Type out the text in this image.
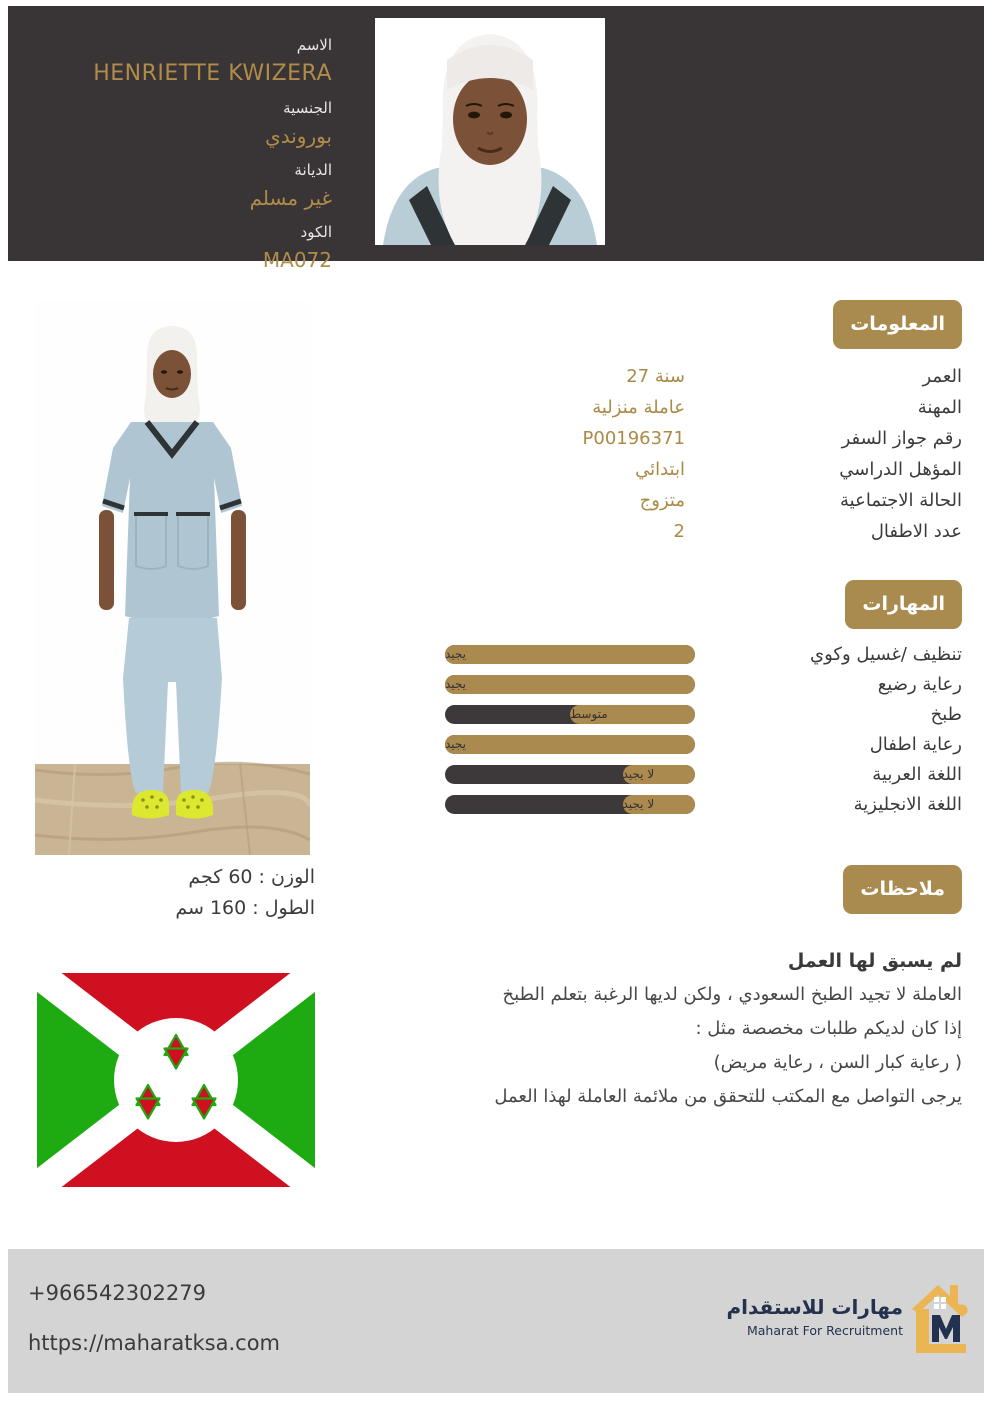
الاسم
HENRIETTE KWIZERA
الجنسية
بوروندي
الديانة
غير مسلم
الكود
MA072
المعلومات
العمر
27 سنة
المهنة
عاملة منزلية
رقم جواز السفر
P00196371
المؤهل الدراسي
ابتدائي
الحالة الاجتماعية
متزوج
عدد الاطفال
2
المهارات
تنظيف /غسيل وكوي
يجيد
رعاية رضيع
يجيد
طبخ
متوسط
رعاية اطفال
يجيد
اللغة العربية
لا يجيد
اللغة الانجليزية
لا يجيد
ملاحظات
لم يسبق لها العمل
العاملة لا تجيد الطبخ السعودي ، ولكن لديها الرغبة بتعلم الطبخ
إذا كان لديكم طلبات مخصصة مثل :
( رعاية كبار السن ، رعاية مريض)
يرجى التواصل مع المكتب للتحقق من ملائمة العاملة لهذا العمل
الوزن : 60 كجم
الطول : 160 سم
+966542302279
https://maharatksa.com
مهارات للاستقدام
Maharat For Recruitment
